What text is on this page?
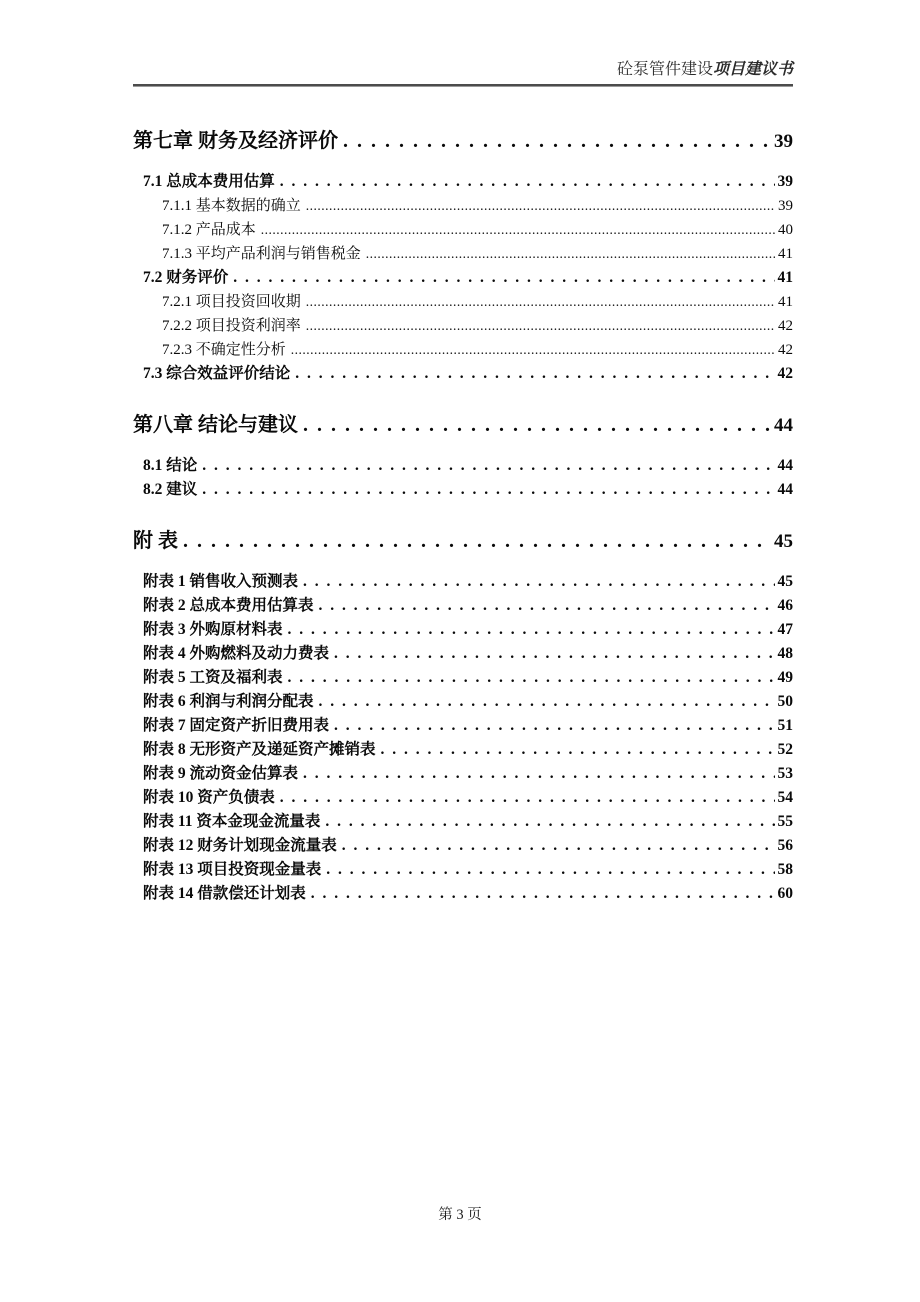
砼泵管件建设项目建议书
第七章 财务及经济评价 . . .	39
7.1 总成本费用估算 . . .	39
7.1.1 基本数据的确立 .....	39
7.1.2 产品成本 .....	40
7.1.3 平均产品利润与销售税金 .....	41
7.2 财务评价 . . .	41
7.2.1 项目投资回收期 .....	41
7.2.2 项目投资利润率 .....	42
7.2.3 不确定性分析 .....	42
7.3 综合效益评价结论 . . .	42
第八章 结论与建议 . . .	44
8.1 结论 . . .	44
8.2 建议 . . .	44
附 表 . . .	45
附表 1 销售收入预测表 . . .	45
附表 2 总成本费用估算表 . . .	46
附表 3 外购原材料表 . . .	47
附表 4 外购燃料及动力费表 . . .	48
附表 5 工资及福利表 . . .	49
附表 6 利润与利润分配表 . . .	50
附表 7 固定资产折旧费用表 . . .	51
附表 8 无形资产及递延资产摊销表 . . .	52
附表 9 流动资金估算表 . . .	53
附表 10 资产负债表 . . .	54
附表 11 资本金现金流量表 . . .	55
附表 12 财务计划现金流量表 . . .	56
附表 13 项目投资现金量表 . . .	58
附表 14 借款偿还计划表 . . .	60
第 3 页
